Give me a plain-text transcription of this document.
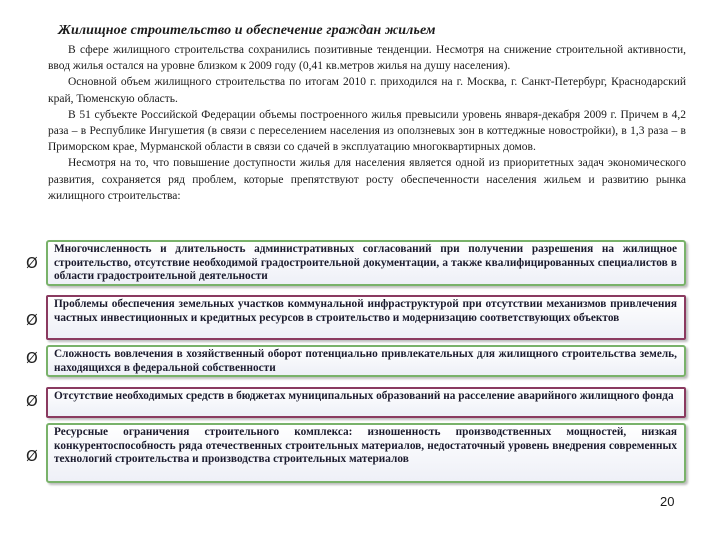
Жилищное строительство и обеспечение граждан жильем

В сфере жилищного строительства сохранились позитивные тенденции. Несмотря на снижение строительной активности, ввод жилья остался на уровне близком к 2009 году (0,41 кв.метров жилья на душу населения).

Основной объем жилищного строительства по итогам 2010 г. приходился на г. Москва, г. Санкт-Петербург, Краснодарский край, Тюменскую область.

В 51 субъекте Российской Федерации объемы построенного жилья превысили уровень января-декабря 2009 г. Причем в 4,2 раза – в Республике Ингушетия (в связи с переселением населения из оползневых зон в коттеджные новостройки), в 1,3 раза – в Приморском крае, Мурманской области в связи со сдачей в эксплуатацию многоквартирных домов.

Несмотря на то, что повышение доступности жилья для населения является одной из приоритетных задач экономического развития, сохраняется ряд проблем, которые препятствуют росту обеспеченности населения жильем и развитию рынка жилищного строительства:

Ø
Многочисленность и длительность административных согласований при получении разрешения на жилищное строительство, отсутствие необходимой градостроительной документации, а также квалифицированных специалистов в области градостроительной деятельности
Ø
Проблемы обеспечения земельных участков коммунальной инфраструктурой при отсутствии механизмов привлечения частных инвестиционных и кредитных ресурсов в строительство и модернизацию соответствующих объектов
Ø	Сложность вовлечения в хозяйственный оборот потенциально привлекательных для жилищного строительства земель, находящихся в федеральной собственности
Ø	Отсутствие необходимых средств в бюджетах муниципальных образований на расселение аварийного жилищного фонда
Ø
Ресурсные ограничения строительного комплекса: изношенность производственных мощностей, низкая конкурентоспособность ряда отечественных строительных материалов, недостаточный уровень внедрения современных технологий строительства и производства строительных материалов
20
